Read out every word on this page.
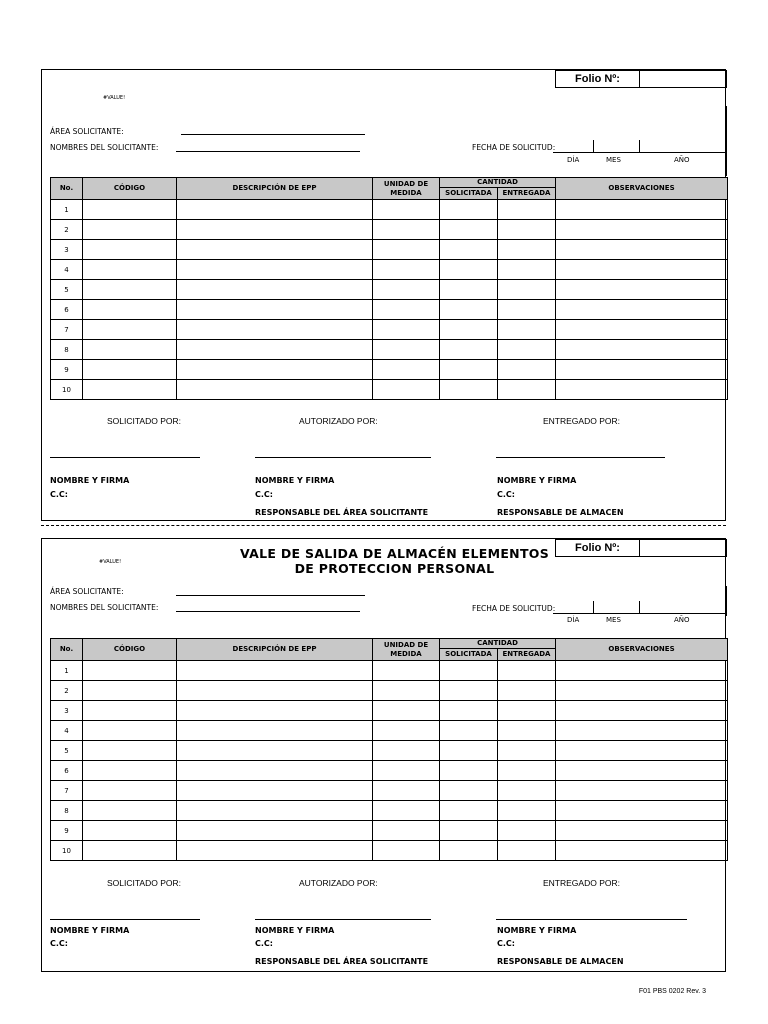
Folio Nº:
#VALUE!
ÁREA SOLICITANTE:
NOMBRES DEL SOLICITANTE:	FECHA DE SOLICITUD:
DÍA	MES	AÑO
No.	CÓDIGO	DESCRIPCIÓN DE EPP	UNIDAD DE MEDIDA	CANTIDAD		OBSERVACIONES
				SOLICITADA	ENTREGADA	
1						
2						
3						
4						
5						
6						
7						
8						
9						
10						
SOLICITADO POR:	AUTORIZADO POR:	ENTREGADO POR:
NOMBRE Y FIRMA
C.C:
NOMBRE Y FIRMA
C.C:
RESPONSABLE DEL ÁREA SOLICITANTE
NOMBRE Y FIRMA
C.C:
RESPONSABLE DE ALMACEN
Folio Nº:
VALE DE SALIDA DE ALMACÉN ELEMENTOS DE PROTECCION PERSONAL
#VALUE!
ÁREA SOLICITANTE:
NOMBRES DEL SOLICITANTE:	FECHA DE SOLICITUD:
DÍA	MES	AÑO
No.	CÓDIGO	DESCRIPCIÓN DE EPP	UNIDAD DE MEDIDA	CANTIDAD		OBSERVACIONES
				SOLICITADA	ENTREGADA	
1						
2						
3						
4						
5						
6						
7						
8						
9						
10						
SOLICITADO POR:	AUTORIZADO POR:	ENTREGADO POR:
NOMBRE Y FIRMA
C.C:
NOMBRE Y FIRMA
C.C:
RESPONSABLE DEL ÁREA SOLICITANTE
NOMBRE Y FIRMA
C.C:
RESPONSABLE DE ALMACEN
F01 PBS 0202 Rev. 3
